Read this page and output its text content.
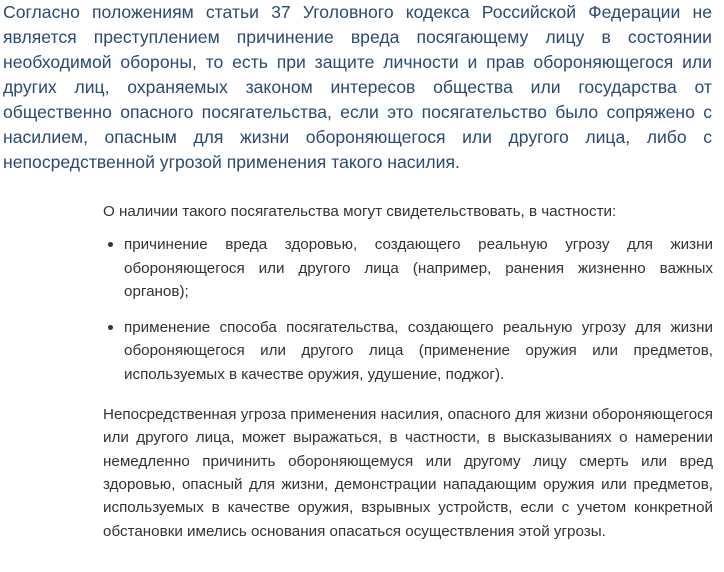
Согласно положениям статьи 37 Уголовного кодекса Российской Федерации не является преступлением причинение вреда посягающему лицу в состоянии необходимой обороны, то есть при защите личности и прав обороняющегося или других лиц, охраняемых законом интересов общества или государства от общественно опасного посягательства, если это посягательство было сопряжено с насилием, опасным для жизни обороняющегося или другого лица, либо с непосредственной угрозой применения такого насилия.

О наличии такого посягательства могут свидетельствовать, в частности:

причинение вреда здоровью, создающего реальную угрозу для жизни обороняющегося или другого лица (например, ранения жизненно важных органов);
применение способа посягательства, создающего реальную угрозу для жизни обороняющегося или другого лица (применение оружия или предметов, используемых в качестве оружия, удушение, поджог).

Непосредственная угроза применения насилия, опасного для жизни обороняющегося или другого лица, может выражаться, в частности, в высказываниях о намерении немедленно причинить обороняющемуся или другому лицу смерть или вред здоровью, опасный для жизни, демонстрации нападающим оружия или предметов, используемых в качестве оружия, взрывных устройств, если с учетом конкретной обстановки имелись основания опасаться осуществления этой угрозы.
